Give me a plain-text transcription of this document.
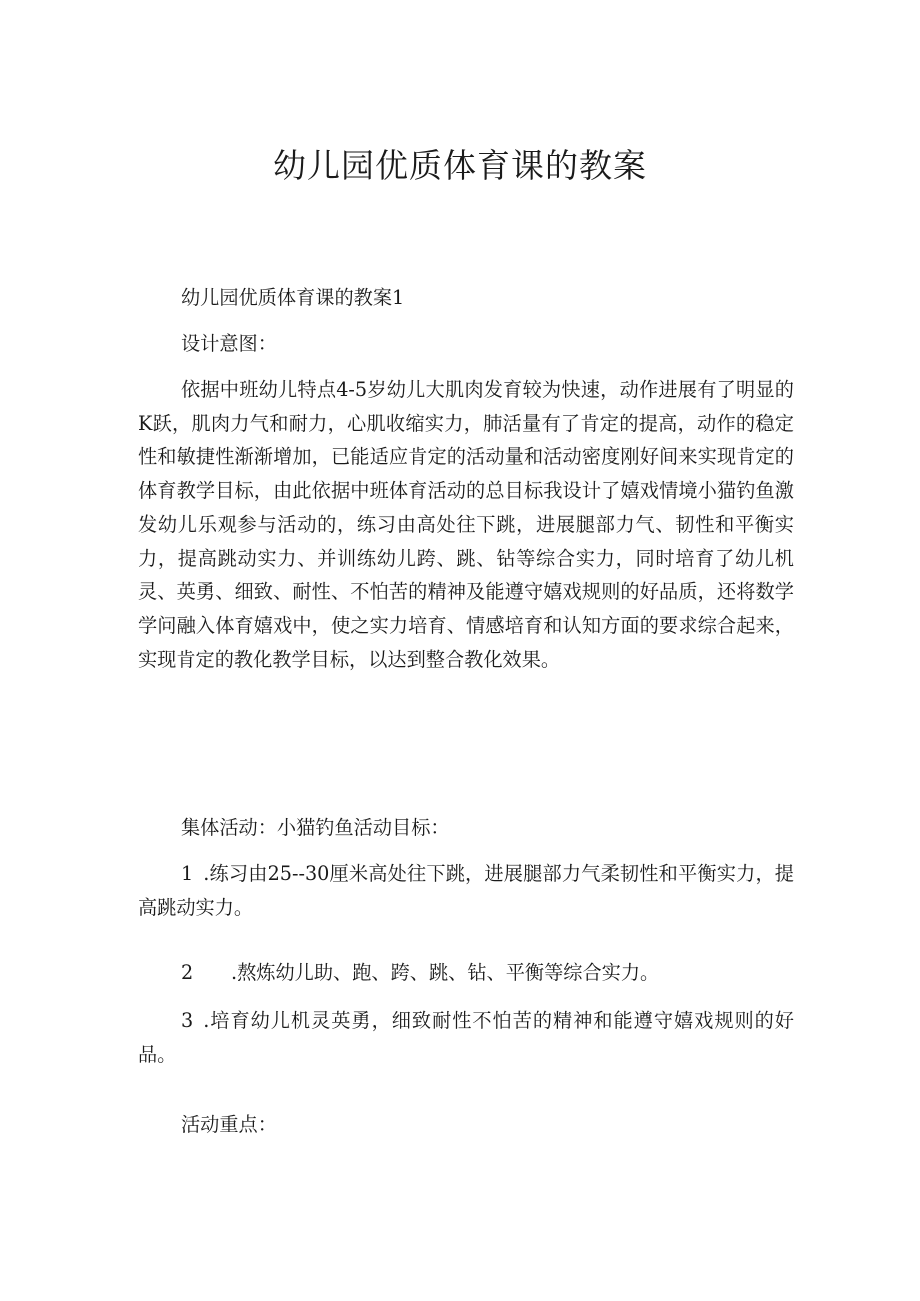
幼儿园优质体育课的教案

幼儿园优质体育课的教案1

设计意图：

依据中班幼儿特点4-5岁幼儿大肌肉发育较为快速，动作进展有了明显的K跃，肌肉力气和耐力，心肌收缩实力，肺活量有了肯定的提高，动作的稳定性和敏捷性渐渐增加，已能适应肯定的活动量和活动密度刚好间来实现肯定的体育教学目标，由此依据中班体育活动的总目标我设计了嬉戏情境小猫钓鱼激发幼儿乐观参与活动的，练习由高处往下跳，进展腿部力气、韧性和平衡实力，提高跳动实力、并训练幼儿跨、跳、钻等综合实力，同时培育了幼儿机灵、英勇、细致、耐性、不怕苦的精神及能遵守嬉戏规则的好品质，还将数学学问融入体育嬉戏中，使之实力培育、情感培育和认知方面的要求综合起来，实现肯定的教化教学目标，以达到整合教化效果。

集体活动：小猫钓鱼活动目标：

1 .练习由25--30厘米高处往下跳，进展腿部力气柔韧性和平衡实力，提高跳动实力。

2 .熬炼幼儿助、跑、跨、跳、钻、平衡等综合实力。

3 .培育幼儿机灵英勇，细致耐性不怕苦的精神和能遵守嬉戏规则的好品。

活动重点：
